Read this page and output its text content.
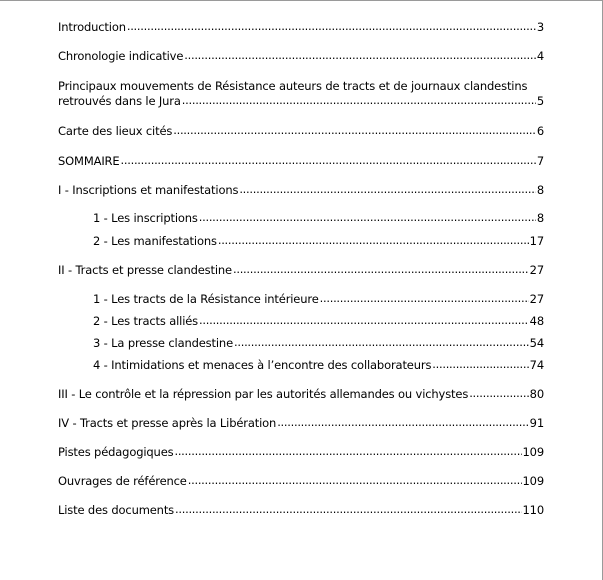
Introduction .....	3
Chronologie indicative .....	4
Principaux mouvements de Résistance auteurs de tracts et de journaux clandestins
retrouvés dans le Jura .....	5
Carte des lieux cités .....	6
SOMMAIRE .....	7
I - Inscriptions et manifestations .....	8
1 - Les inscriptions .....	8
2 - Les manifestations .....	17
II - Tracts et presse clandestine .....	27
1 - Les tracts de la Résistance intérieure .....	27
2 - Les tracts alliés .....	48
3 - La presse clandestine .....	54
4 - Intimidations et menaces à l’encontre des collaborateurs .....	74
III - Le contrôle et la répression par les autorités allemandes ou vichystes .....	80
IV - Tracts et presse après la Libération .....	91
Pistes pédagogiques .....	109
Ouvrages de référence .....	109
Liste des documents .....	110
